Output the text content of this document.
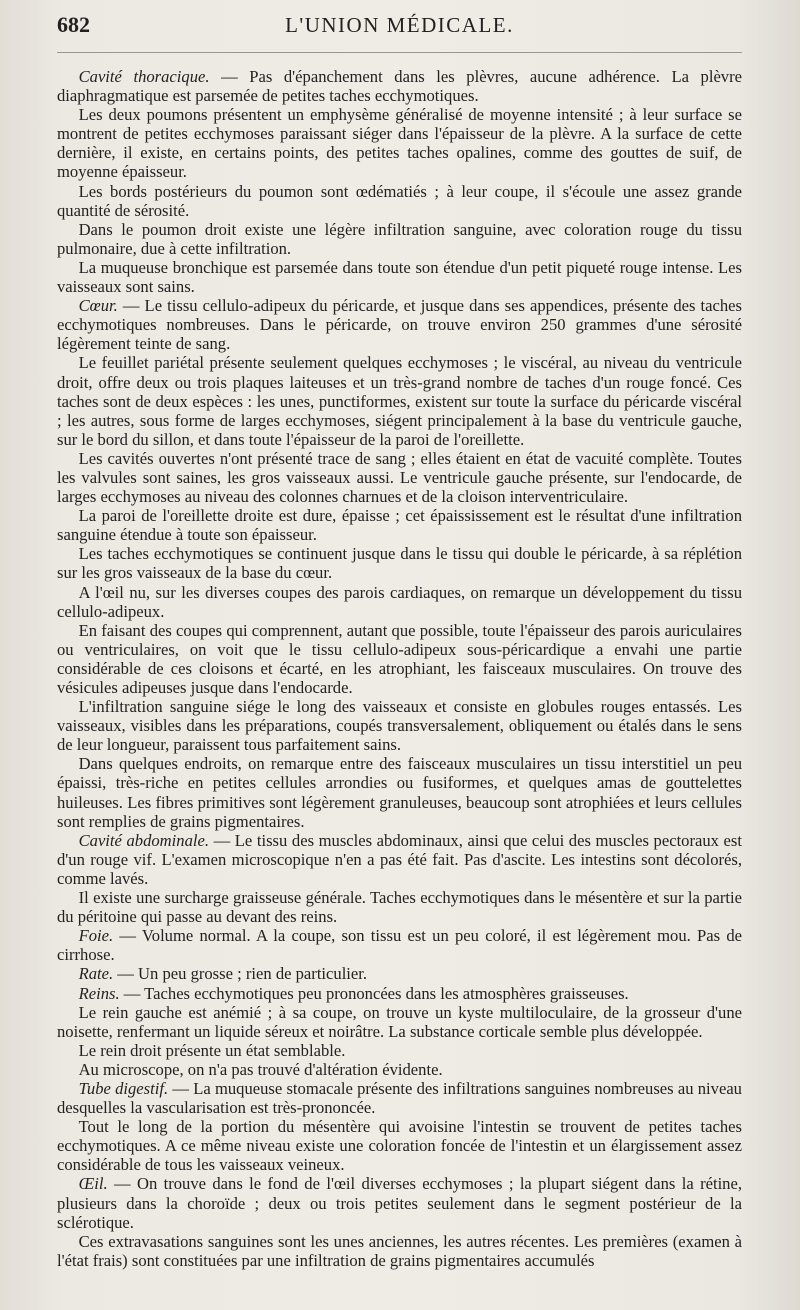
682	L'UNION MÉDICALE.

Cavité thoracique. — Pas d'épanchement dans les plèvres, aucune adhérence. La plèvre diaphragmatique est parsemée de petites taches ecchymotiques.

Les deux poumons présentent un emphysème généralisé de moyenne intensité ; à leur surface se montrent de petites ecchymoses paraissant siéger dans l'épaisseur de la plèvre. A la surface de cette dernière, il existe, en certains points, des petites taches opalines, comme des gouttes de suif, de moyenne épaisseur.

Les bords postérieurs du poumon sont œdématiés ; à leur coupe, il s'écoule une assez grande quantité de sérosité.

Dans le poumon droit existe une légère infiltration sanguine, avec coloration rouge du tissu pulmonaire, due à cette infiltration.

La muqueuse bronchique est parsemée dans toute son étendue d'un petit piqueté rouge intense. Les vaisseaux sont sains.

Cœur. — Le tissu cellulo-adipeux du péricarde, et jusque dans ses appendices, présente des taches ecchymotiques nombreuses. Dans le péricarde, on trouve environ 250 grammes d'une sérosité légèrement teinte de sang.

Le feuillet pariétal présente seulement quelques ecchymoses ; le viscéral, au niveau du ventricule droit, offre deux ou trois plaques laiteuses et un très-grand nombre de taches d'un rouge foncé. Ces taches sont de deux espèces : les unes, punctiformes, existent sur toute la surface du péricarde viscéral ; les autres, sous forme de larges ecchymoses, siégent principalement à la base du ventricule gauche, sur le bord du sillon, et dans toute l'épaisseur de la paroi de l'oreillette.

Les cavités ouvertes n'ont présenté trace de sang ; elles étaient en état de vacuité complète. Toutes les valvules sont saines, les gros vaisseaux aussi. Le ventricule gauche présente, sur l'endocarde, de larges ecchymoses au niveau des colonnes charnues et de la cloison interventriculaire.

La paroi de l'oreillette droite est dure, épaisse ; cet épaississement est le résultat d'une infiltration sanguine étendue à toute son épaisseur.

Les taches ecchymotiques se continuent jusque dans le tissu qui double le péricarde, à sa réplétion sur les gros vaisseaux de la base du cœur.

A l'œil nu, sur les diverses coupes des parois cardiaques, on remarque un développement du tissu cellulo-adipeux.

En faisant des coupes qui comprennent, autant que possible, toute l'épaisseur des parois auriculaires ou ventriculaires, on voit que le tissu cellulo-adipeux sous-péricardique a envahi une partie considérable de ces cloisons et écarté, en les atrophiant, les faisceaux musculaires. On trouve des vésicules adipeuses jusque dans l'endocarde.

L'infiltration sanguine siége le long des vaisseaux et consiste en globules rouges entassés. Les vaisseaux, visibles dans les préparations, coupés transversalement, obliquement ou étalés dans le sens de leur longueur, paraissent tous parfaitement sains.

Dans quelques endroits, on remarque entre des faisceaux musculaires un tissu interstitiel un peu épaissi, très-riche en petites cellules arrondies ou fusiformes, et quelques amas de gouttelettes huileuses. Les fibres primitives sont légèrement granuleuses, beaucoup sont atrophiées et leurs cellules sont remplies de grains pigmentaires.

Cavité abdominale. — Le tissu des muscles abdominaux, ainsi que celui des muscles pectoraux est d'un rouge vif. L'examen microscopique n'en a pas été fait. Pas d'ascite. Les intestins sont décolorés, comme lavés.

Il existe une surcharge graisseuse générale. Taches ecchymotiques dans le mésentère et sur la partie du péritoine qui passe au devant des reins.

Foie. — Volume normal. A la coupe, son tissu est un peu coloré, il est légèrement mou. Pas de cirrhose.

Rate. — Un peu grosse ; rien de particulier.

Reins. — Taches ecchymotiques peu prononcées dans les atmosphères graisseuses.

Le rein gauche est anémié ; à sa coupe, on trouve un kyste multiloculaire, de la grosseur d'une noisette, renfermant un liquide séreux et noirâtre. La substance corticale semble plus développée.

Le rein droit présente un état semblable.

Au microscope, on n'a pas trouvé d'altération évidente.

Tube digestif. — La muqueuse stomacale présente des infiltrations sanguines nombreuses au niveau desquelles la vascularisation est très-prononcée.

Tout le long de la portion du mésentère qui avoisine l'intestin se trouvent de petites taches ecchymotiques. A ce même niveau existe une coloration foncée de l'intestin et un élargissement assez considérable de tous les vaisseaux veineux.

Œil. — On trouve dans le fond de l'œil diverses ecchymoses ; la plupart siégent dans la rétine, plusieurs dans la choroïde ; deux ou trois petites seulement dans le segment postérieur de la sclérotique.

Ces extravasations sanguines sont les unes anciennes, les autres récentes. Les premières (examen à l'état frais) sont constituées par une infiltration de grains pigmentaires accumulés
